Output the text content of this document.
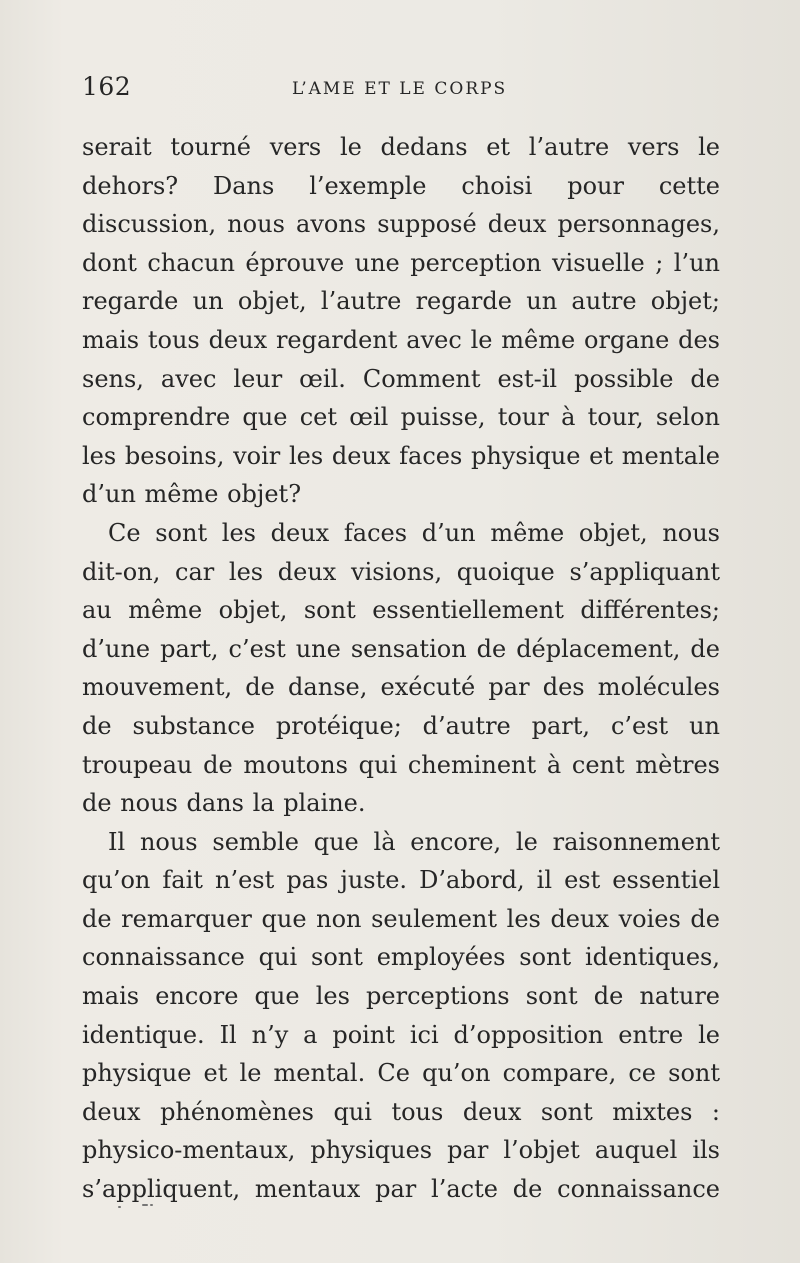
162	L’AME ET LE CORPS

serait tourné vers le dedans et l’autre vers le dehors? Dans l’exemple choisi pour cette discussion, nous avons supposé deux personnages, dont chacun éprouve une perception visuelle ; l’un regarde un objet, l’autre regarde un autre objet; mais tous deux regardent avec le même organe des sens, avec leur œil. Comment est-il possible de comprendre que cet œil puisse, tour à tour, selon les besoins, voir les deux faces physique et mentale d’un même objet?

Ce sont les deux faces d’un même objet, nous dit-on, car les deux visions, quoique s’appliquant au même objet, sont essentiellement différentes; d’une part, c’est une sensation de déplacement, de mouvement, de danse, exécuté par des molécules de substance protéique; d’autre part, c’est un troupeau de moutons qui cheminent à cent mètres de nous dans la plaine.

Il nous semble que là encore, le raisonnement qu’on fait n’est pas juste. D’abord, il est essentiel de remarquer que non seulement les deux voies de connaissance qui sont employées sont identiques, mais encore que les perceptions sont de nature identique. Il n’y a point ici d’opposition entre le physique et le mental. Ce qu’on compare, ce sont deux phénomènes qui tous deux sont mixtes : physico-mentaux, physiques par l’objet auquel ils s’appliquent, mentaux par l’acte de connaissance
